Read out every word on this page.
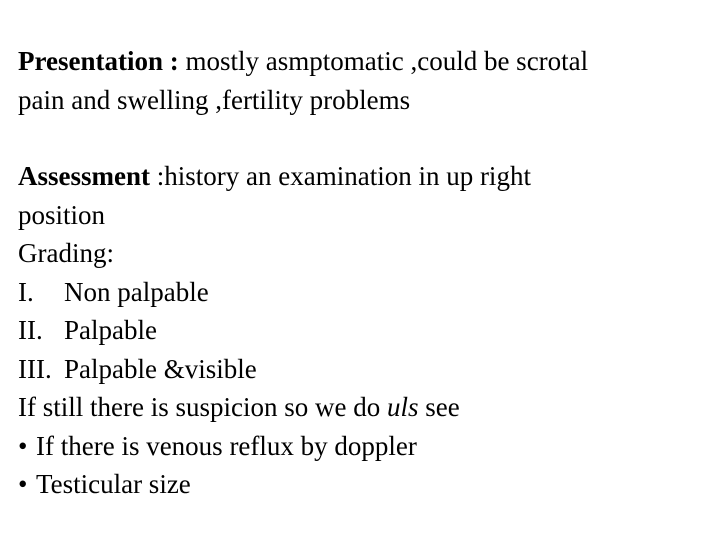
Presentation : mostly asmptomatic ,could be scrotal
pain and swelling ,fertility problems
Assessment :history an examination in up right
position
Grading:
I. Non palpable
II. Palpable
III. Palpable &visible
If still there is suspicion so we do uls see
• If there is venous reflux by doppler
• Testicular size
